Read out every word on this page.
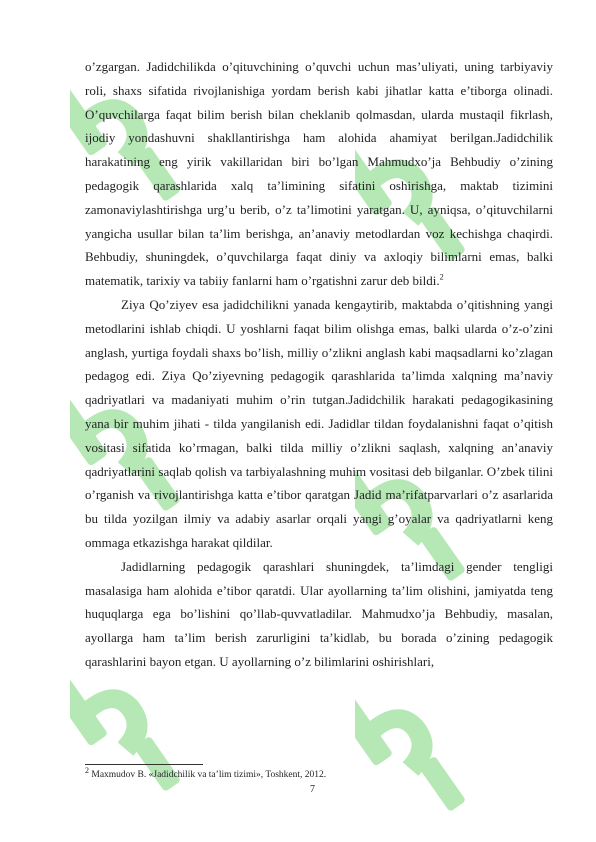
o’zgargan. Jadidchilikda o’qituvchining o’quvchi uchun mas’uliyati, uning tarbiyaviy roli, shaxs sifatida rivojlanishiga yordam berish kabi jihatlar katta e’tiborga olinadi. O’quvchilarga faqat bilim berish bilan cheklanib qolmasdan, ularda mustaqil fikrlash, ijodiy yondashuvni shakllantirishga ham alohida ahamiyat berilgan.Jadidchilik harakatining eng yirik vakillaridan biri bo’lgan Mahmudxo’ja Behbudiy o’zining pedagogik qarashlarida xalq ta’limining sifatini oshirishga, maktab tizimini zamonaviylashtirishga urg’u berib, o’z ta’limotini yaratgan. U, ayniqsa, o’qituvchilarni yangicha usullar bilan ta’lim berishga, an’anaviy metodlardan voz kechishga chaqirdi. Behbudiy, shuningdek, o’quvchilarga faqat diniy va axloqiy bilimlarni emas, balki matematik, tarixiy va tabiiy fanlarni ham o’rgatishni zarur deb bildi.$^2$

Ziya Qo’ziyev esa jadidchilikni yanada kengaytirib, maktabda o’qitishning yangi metodlarini ishlab chiqdi. U yoshlarni faqat bilim olishga emas, balki ularda o’z-o’zini anglash, yurtiga foydali shaxs bo’lish, milliy o’zlikni anglash kabi maqsadlarni ko’zlagan pedagog edi. Ziya Qo’ziyevning pedagogik qarashlarida ta’limda xalqning ma’naviy qadriyatlari va madaniyati muhim o’rin tutgan.Jadidchilik harakati pedagogikasining yana bir muhim jihati - tilda yangilanish edi. Jadidlar tildan foydalanishni faqat o’qitish vositasi sifatida ko’rmagan, balki tilda milliy o’zlikni saqlash, xalqning an’anaviy qadriyatlarini saqlab qolish va tarbiyalashning muhim vositasi deb bilganlar. O’zbek tilini o’rganish va rivojlantirishga katta e’tibor qaratgan Jadid ma’rifatparvarlari o’z asarlarida bu tilda yozilgan ilmiy va adabiy asarlar orqali yangi g’oyalar va qadriyatlarni keng ommaga etkazishga harakat qildilar.

Jadidlarning pedagogik qarashlari shuningdek, ta’limdagi gender tengligi masalasiga ham alohida e’tibor qaratdi. Ular ayollarning ta’lim olishini, jamiyatda teng huquqlarga ega bo’lishini qo’llab-quvvatladilar. Mahmudxo’ja Behbudiy, masalan, ayollarga ham ta’lim berish zarurligini ta’kidlab, bu borada o’zining pedagogik qarashlarini bayon etgan. U ayollarning o’z bilimlarini oshirishlari,

$^2$ Maxmudov B. «Jadidchilik va ta’lim tizimi», Toshkent, 2012.
7
